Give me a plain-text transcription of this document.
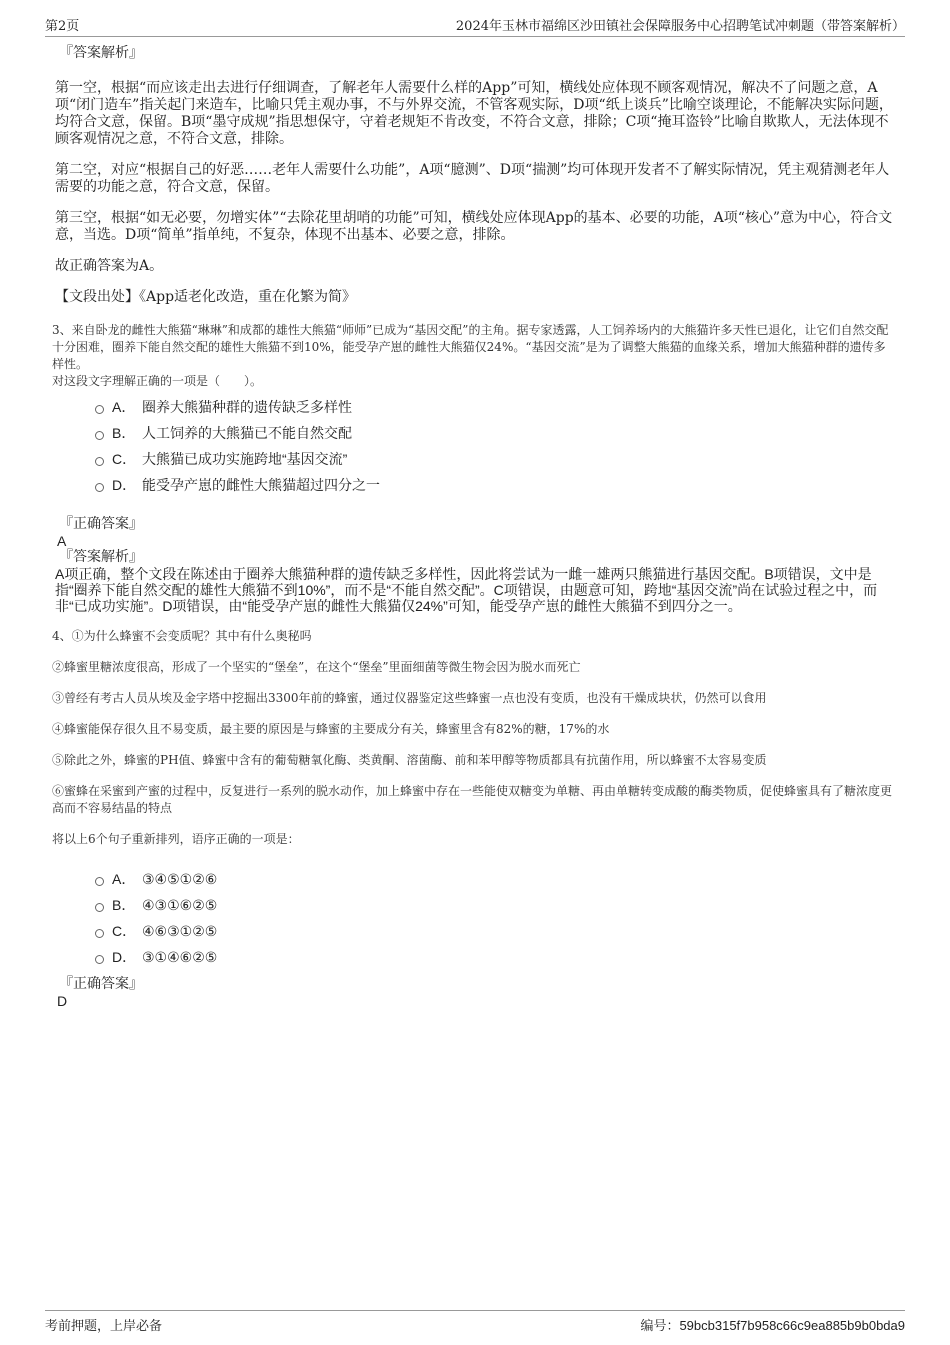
第2页	2024年玉林市福绵区沙田镇社会保障服务中心招聘笔试冲刺题（带答案解析）
『答案解析』

第一空，根据“而应该走出去进行仔细调查，了解老年人需要什么样的App”可知，横线处应体现不顾客观情况，解决不了问题之意，A项“闭门造车”指关起门来造车，比喻只凭主观办事，不与外界交流，不管客观实际，D项“纸上谈兵”比喻空谈理论，不能解决实际问题，均符合文意，保留。B项“墨守成规”指思想保守，守着老规矩不肯改变，不符合文意，排除；C项“掩耳盗铃”比喻自欺欺人，无法体现不顾客观情况之意，不符合文意，排除。

第二空，对应“根据自己的好恶……老年人需要什么功能”，A项“臆测”、D项“揣测”均可体现开发者不了解实际情况，凭主观猜测老年人需要的功能之意，符合文意，保留。

第三空，根据“如无必要，勿增实体”“去除花里胡哨的功能”可知，横线处应体现App的基本、必要的功能，A项“核心”意为中心，符合文意，当选。D项“简单”指单纯，不复杂，体现不出基本、必要之意，排除。

故正确答案为A。

【文段出处】《App适老化改造，重在化繁为简》

3、来自卧龙的雌性大熊猫“琳琳”和成都的雄性大熊猫“师师”已成为“基因交配”的主角。据专家透露，人工饲养场内的大熊猫许多天性已退化，让它们自然交配十分困难，圈养下能自然交配的雄性大熊猫不到10%，能受孕产崽的雌性大熊猫仅24%。“基因交流”是为了调整大熊猫的血缘关系，增加大熊猫种群的遗传多样性。
对这段文字理解正确的一项是（　　）。
A． 圈养大熊猫种群的遗传缺乏多样性
B． 人工饲养的大熊猫已不能自然交配
C． 大熊猫已成功实施跨地“基因交流”
D． 能受孕产崽的雌性大熊猫超过四分之一
『正确答案』
A
『答案解析』
A项正确，整个文段在陈述由于圈养大熊猫种群的遗传缺乏多样性，因此将尝试为一雌一雄两只熊猫进行基因交配。B项错误，文中是指“圈养下能自然交配的雄性大熊猫不到10%”，而不是“不能自然交配”。C项错误，由题意可知，跨地“基因交流”尚在试验过程之中，而非“已成功实施”。D项错误，由“能受孕产崽的雌性大熊猫仅24%”可知，能受孕产崽的雌性大熊猫不到四分之一。
4、①为什么蜂蜜不会变质呢？其中有什么奥秘吗
②蜂蜜里糖浓度很高，形成了一个坚实的“堡垒”，在这个“堡垒”里面细菌等微生物会因为脱水而死亡
③曾经有考古人员从埃及金字塔中挖掘出3300年前的蜂蜜，通过仪器鉴定这些蜂蜜一点也没有变质，也没有干燥成块状，仍然可以食用
④蜂蜜能保存很久且不易变质，最主要的原因是与蜂蜜的主要成分有关，蜂蜜里含有82%的糖，17%的水
⑤除此之外，蜂蜜的PH值、蜂蜜中含有的葡萄糖氧化酶、类黄酮、溶菌酶、前和苯甲醇等物质都具有抗菌作用，所以蜂蜜不太容易变质
⑥蜜蜂在采蜜到产蜜的过程中，反复进行一系列的脱水动作，加上蜂蜜中存在一些能使双糖变为单糖、再由单糖转变成酸的酶类物质，促使蜂蜜具有了糖浓度更高而不容易结晶的特点
将以上6个句子重新排列，语序正确的一项是：
A． ③④⑤①②⑥
B． ④③①⑥②⑤
C． ④⑥③①②⑤
D． ③①④⑥②⑤
『正确答案』
D
考前押题，上岸必备	编号：59bcb315f7b958c66c9ea885b9b0bda9
